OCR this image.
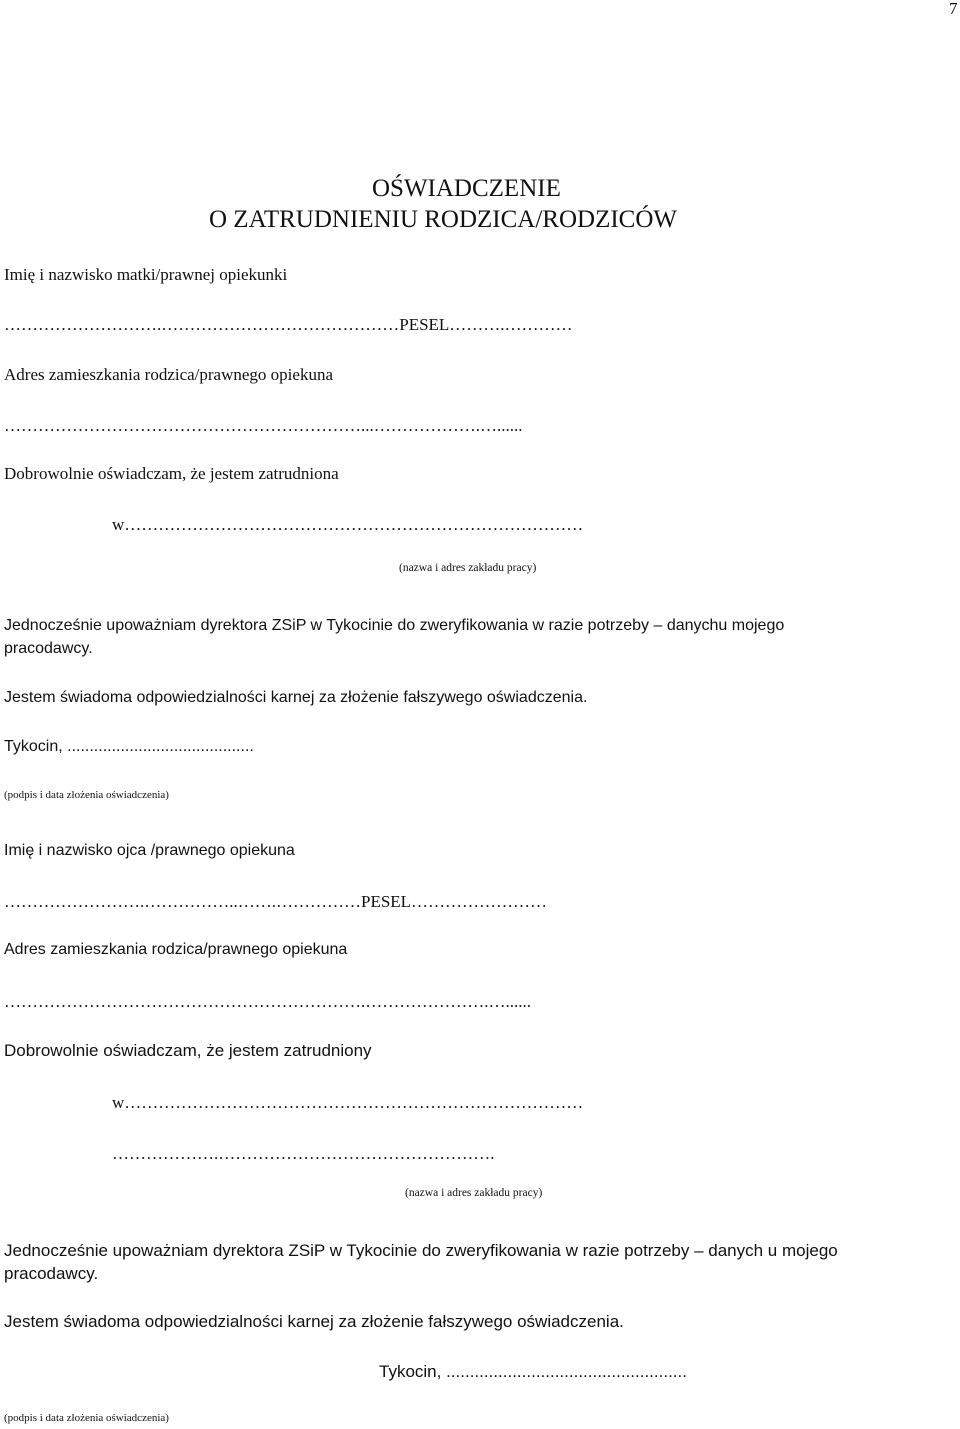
7
OŚWIADCZENIE
O ZATRUDNIENIU RODZICA/RODZICÓW
Imię i nazwisko matki/prawnej opiekunki
……………………….……………………………………PESEL……….…………
Adres zamieszkania rodzica/prawnego opiekuna
………………………………………………………...……………….…......
Dobrowolnie oświadczam, że jestem zatrudniona
w………………………………………………………………………
(nazwa i adres zakładu pracy)
Jednocześnie upoważniam dyrektora ZSiP w Tykocinie do zweryfikowania w razie potrzeby – danychu mojego
pracodawcy.
Jestem świadoma odpowiedzialności karnej za złożenie fałszywego oświadczenia.
Tykocin, ..........................................
(podpis i data złożenia oświadczenia)
Imię i nazwisko ojca /prawnego opiekuna
…………………….……………..…….……………PESEL……………………
Adres zamieszkania rodzica/prawnego opiekuna
……………………………………………………….………………….…......
Dobrowolnie oświadczam, że jestem zatrudniony
w………………………………………………………………………
……………….………………………………………….
(nazwa i adres zakładu pracy)
Jednocześnie upoważniam dyrektora ZSiP w Tykocinie do zweryfikowania w razie potrzeby – danych u mojego
pracodawcy.
Jestem świadoma odpowiedzialności karnej za złożenie fałszywego oświadczenia.
Tykocin, ...................................................
(podpis i data złożenia oświadczenia)
